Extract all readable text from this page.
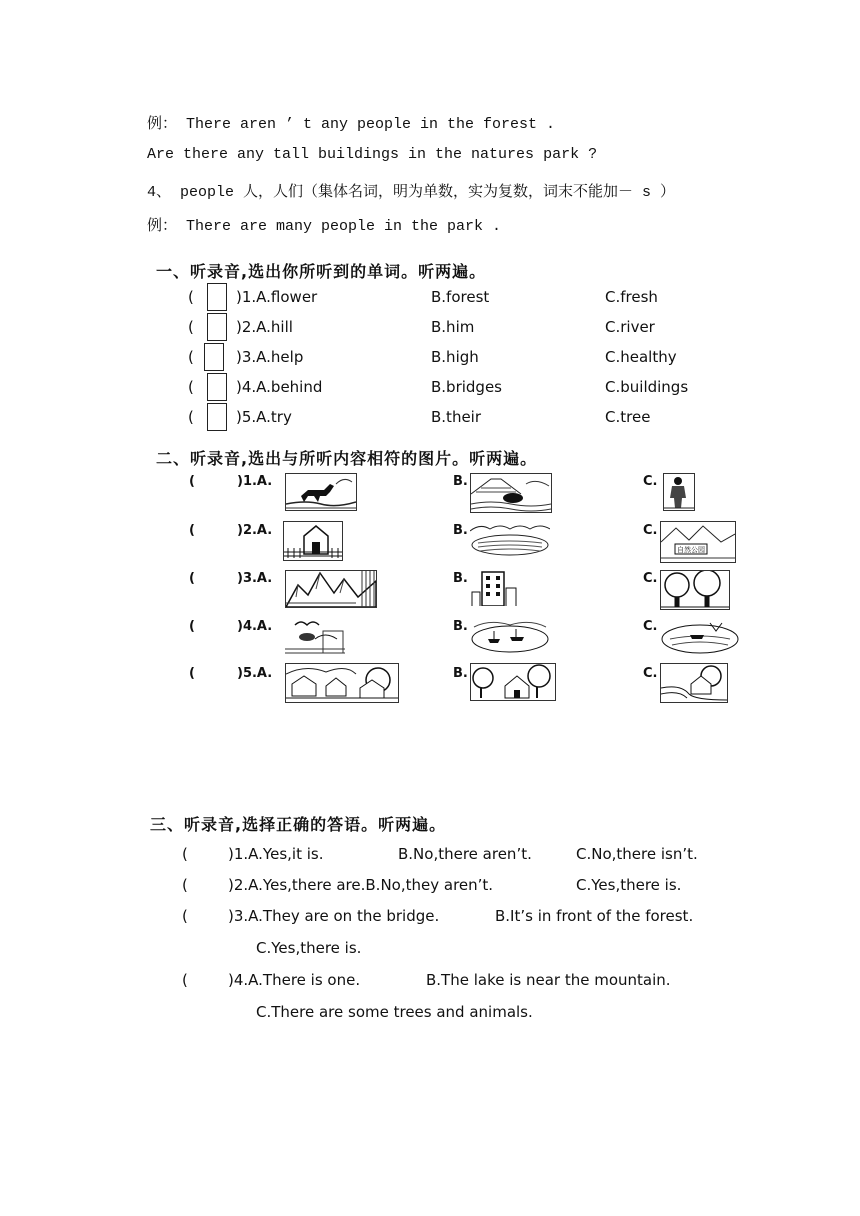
例： There aren ’ t any people in the forest .
Are there any tall buildings in the natures park ?
4、 people 人，人们（集体名词，明为单数，实为复数，词末不能加－ s ）
例： There are many people in the park .
一、听录音,选出你所听到的单词。听两遍。
(	)1.A.flower	B.forest	C.fresh
(	)2.A.hill	B.him	C.river
(	)3.A.help	B.high	C.healthy
(	)4.A.behind	B.bridges	C.buildings
(	)5.A.try	B.their	C.tree
二、听录音,选出与所听内容相符的图片。听两遍。
(	)1.A.	B.	C.
(	)2.A.	B.	C.
自然公园
(	)3.A.	B.	C.
(	)4.A.	B.	C.
(	)5.A.	B.	C.
三、听录音,选择正确的答语。听两遍。
(	)1.A.Yes,it is.	B.No,there aren’t.	C.No,there isn’t.
(	)2.A.Yes,there are.B.No,they aren’t.	C.Yes,there is.
(	)3.A.They are on the bridge.	B.It’s in front of the forest.
C.Yes,there is.
(	)4.A.There is one.	B.The lake is near the mountain.
C.There are some trees and animals.
